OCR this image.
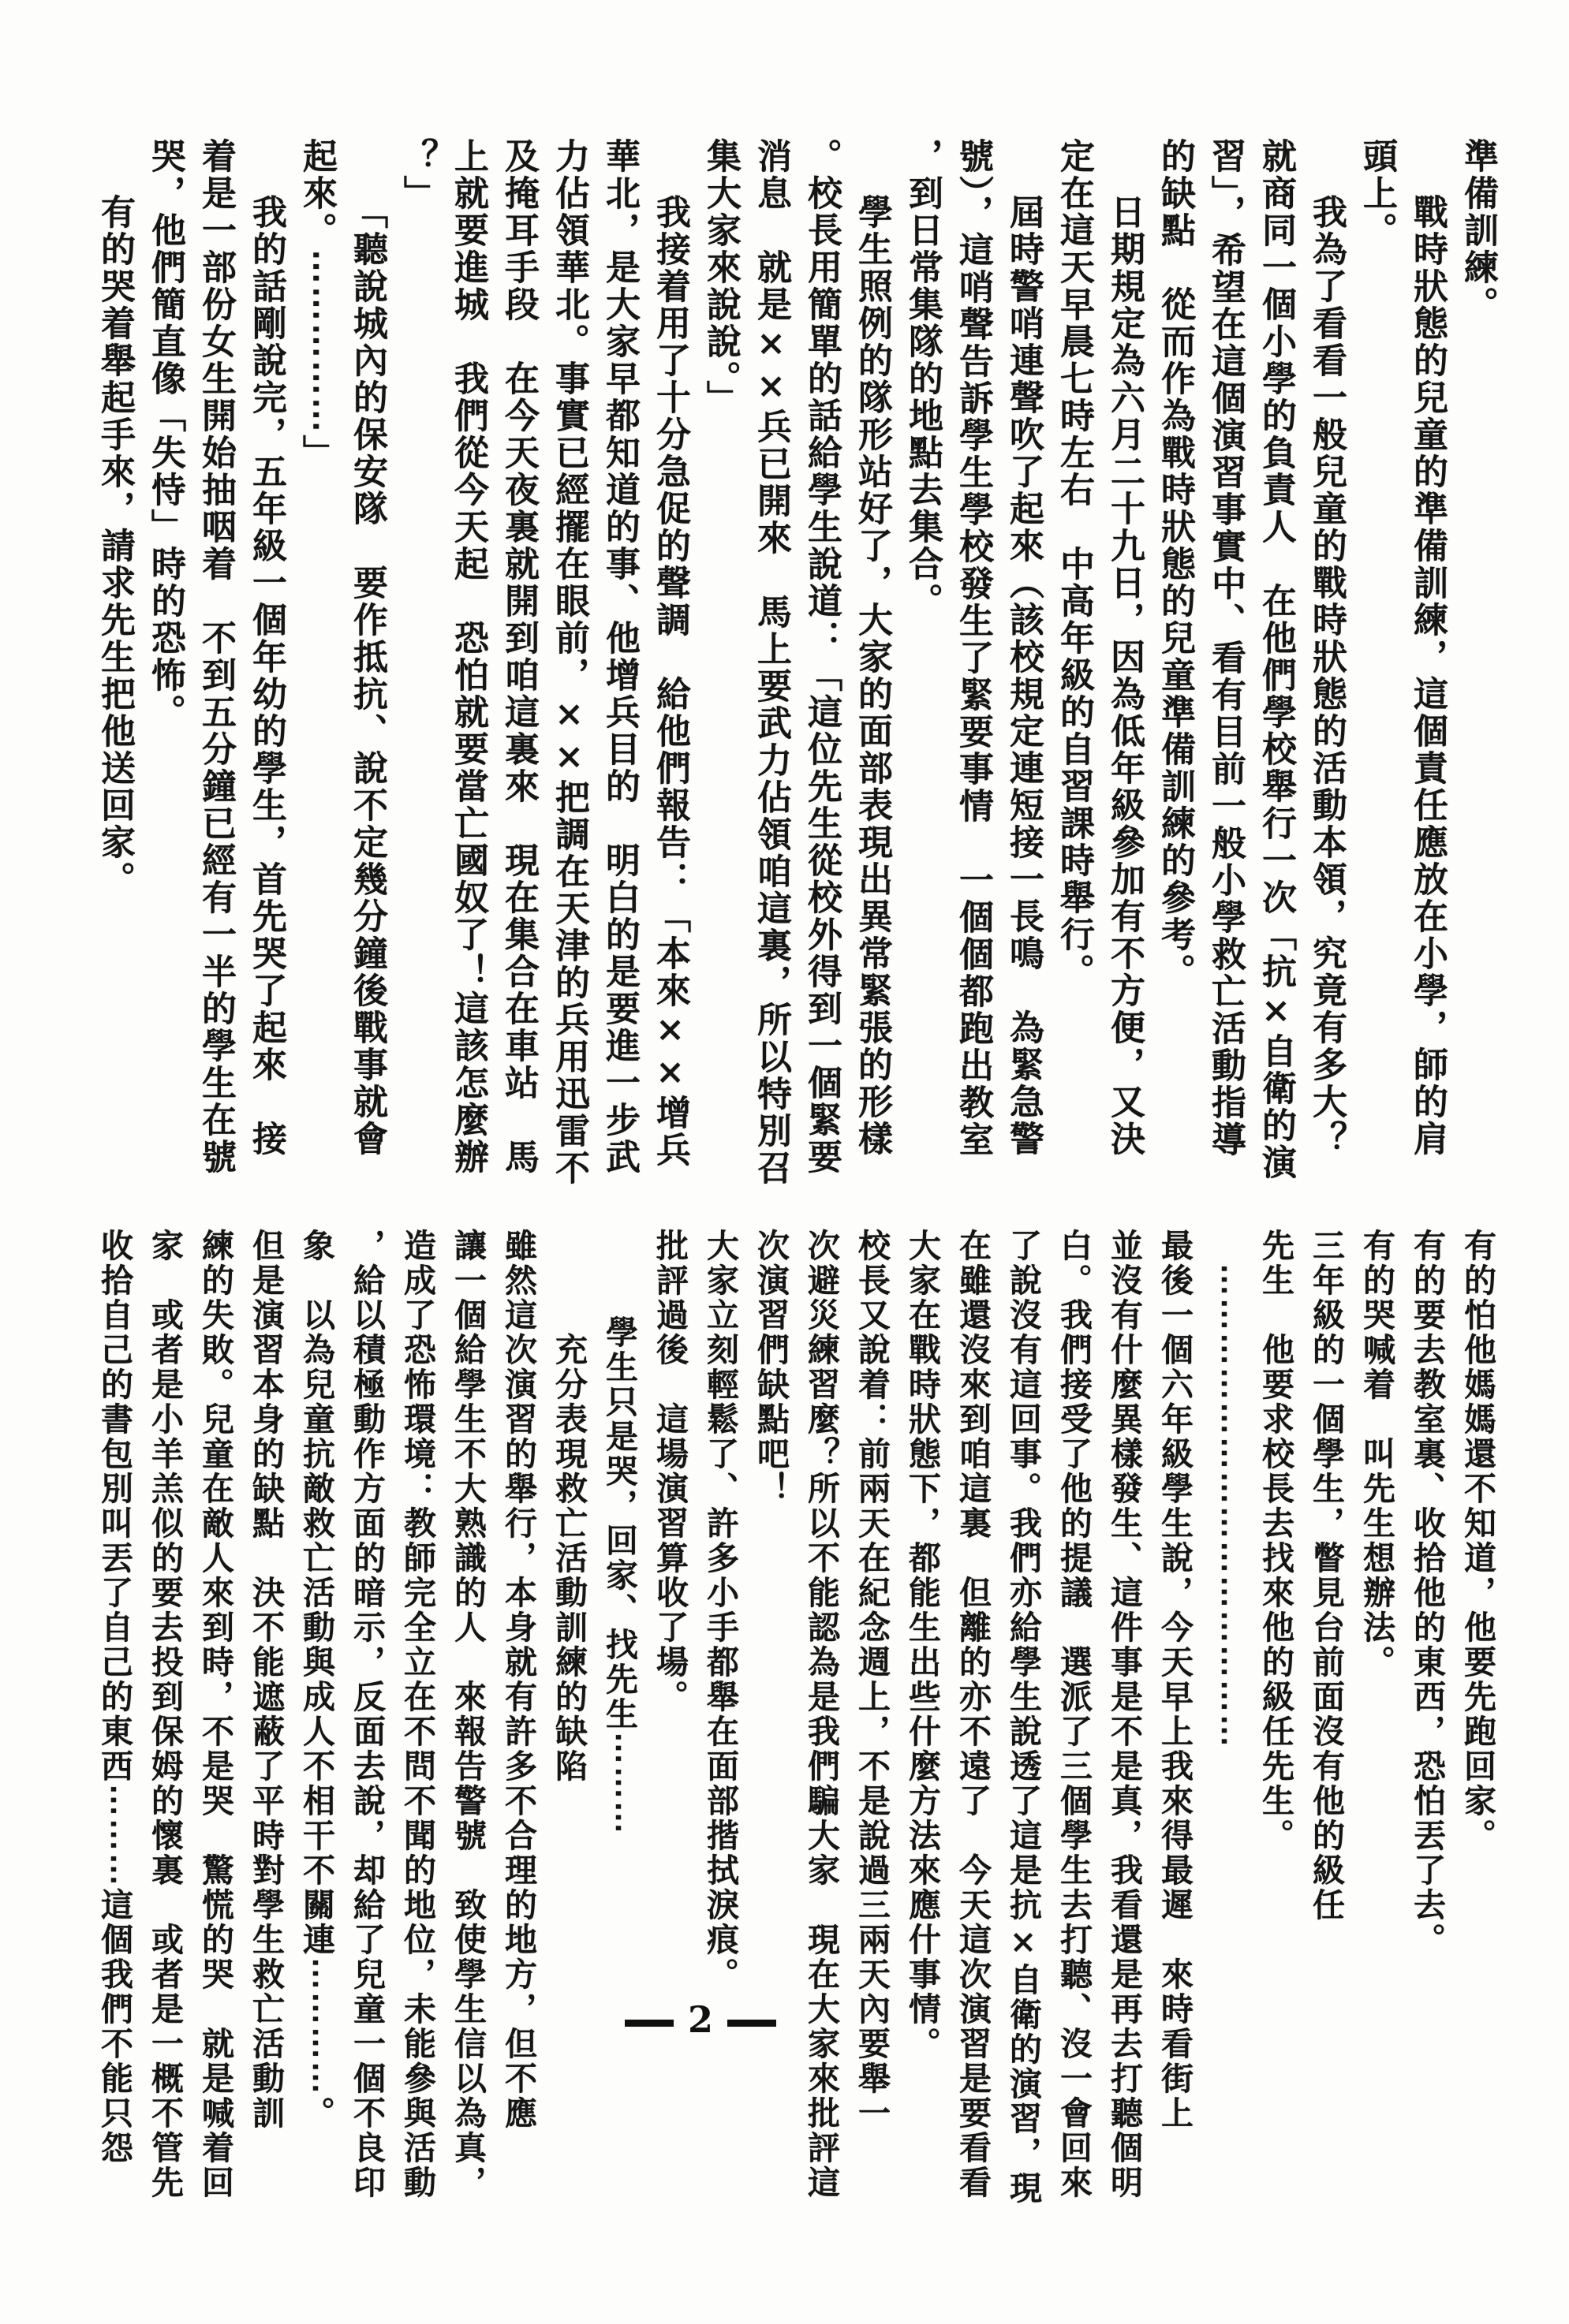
準備訓練。
戰時狀態的兒童的準備訓練，這個責任應放在小學，師的肩
頭上。
我為了看看一般兒童的戰時狀態的活動本領，究竟有多大？
就商同一個小學的負責人　在他們學校舉行一次「抗×自衛的演
習」，希望在這個演習事實中、看有目前一般小學救亡活動指導
的缺點　從而作為戰時狀態的兒童準備訓練的參考。
日期規定為六月二十九日，因為低年級參加有不方便，又決
定在這天早晨七時左右　中高年級的自習課時舉行。
屆時警哨連聲吹了起來（該校規定連短接一長鳴　為緊急警
號），這哨聲告訴學生學校發生了緊要事情　一個個都跑出教室
，到日常集隊的地點去集合。
學生照例的隊形站好了，大家的面部表現出異常緊張的形樣
。校長用簡單的話給學生說道：「這位先生從校外得到一個緊要
消息　就是××兵已開來　馬上要武力佔領咱這裏，所以特別召
集大家來說說。」
我接着用了十分急促的聲調　給他們報告：「本來××增兵
華北，是大家早都知道的事、他增兵目的　明白的是要進一步武
力佔領華北。事實已經擺在眼前，××把調在天津的兵用迅雷不
及掩耳手段　在今天夜裏就開到咱這裏來　現在集合在車站　馬
上就要進城　我們從今天起　恐怕就要當亡國奴了！這該怎麼辦
？」
「聽說城內的保安隊　要作抵抗、說不定幾分鐘後戰事就會
起來。⋯⋯⋯⋯⋯」
我的話剛說完，五年級一個年幼的學生，首先哭了起來　接
着是一部份女生開始抽咽着　不到五分鐘已經有一半的學生在號
哭，他們簡直像「失恃」時的恐怖。
有的哭着舉起手來，請求先生把他送回家。
有的怕他媽媽還不知道，他要先跑回家。
有的要去教室裏、收拾他的東西，恐怕丟了去。
有的哭喊着　叫先生想辦法。
三年級的一個學生，瞥見台前面沒有他的級任
先生　他要求校長去找來他的級任先生。
⋯⋯⋯⋯⋯⋯⋯⋯⋯⋯⋯⋯⋯⋯
最後一個六年級學生說，今天早上我來得最遲　來時看街上
並沒有什麼異樣發生、這件事是不是真，我看還是再去打聽個明
白。我們接受了他的提議　選派了三個學生去打聽、沒一會回來
了說沒有這回事。我們亦給學生說透了這是抗×自衛的演習，現
在雖還沒來到咱這裏　但離的亦不遠了　今天這次演習是要看看
大家在戰時狀態下，都能生出些什麼方法來應什事情。
校長又說着：前兩天在紀念週上，不是說過三兩天內要舉一
次避災練習麼？所以不能認為是我們騙大家　現在大家來批評這
次演習們缺點吧！
大家立刻輕鬆了、許多小手都舉在面部揩拭淚痕。
批評過後　這場演習算收了場。
學生只是哭，回家、找先生⋯⋯⋯
充分表現救亡活動訓練的缺陷
雖然這次演習的舉行，本身就有許多不合理的地方，但不應
讓一個給學生不大熟識的人　來報告警號　致使學生信以為真，
造成了恐怖環境：教師完全立在不問不聞的地位，未能參與活動
，給以積極動作方面的暗示，反面去說，却給了兒童一個不良印
象　以為兒童抗敵救亡活動與成人不相干不關連⋯⋯⋯⋯。
但是演習本身的缺點　決不能遮蔽了平時對學生救亡活動訓
練的失敗。兒童在敵人來到時，不是哭　驚慌的哭　就是喊着回
家　或者是小羊羔似的要去投到保姆的懷裏　或者是一概不管先
收拾自己的書包別叫丟了自己的東西⋯⋯⋯這個我們不能只怨	2
